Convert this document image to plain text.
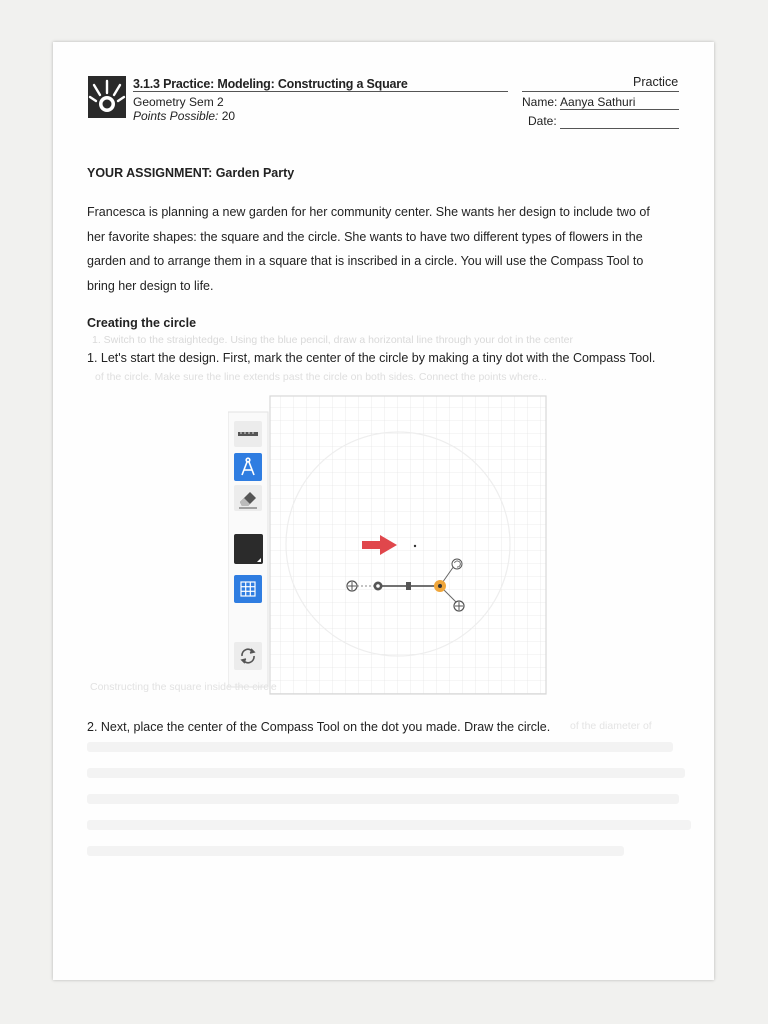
3.1.3 Practice: Modeling: Constructing a Square
Geometry Sem 2
Points Possible: 20
Practice
Name: Aanya Sathuri
Date:
YOUR ASSIGNMENT: Garden Party
Francesca is planning a new garden for her community center. She wants her design to include two of
her favorite shapes: the square and the circle. She wants to have two different types of flowers in the
garden and to arrange them in a square that is inscribed in a circle. You will use the Compass Tool to
bring her design to life.
Creating the circle
1. Switch to the straightedge. Using the blue pencil, draw a horizontal line through your dot in the center
1. Let's start the design. First, mark the center of the circle by making a tiny dot with the Compass Tool.
of the circle. Make sure the line extends past the circle on both sides. Connect the points where...
Constructing the square inside the circle
2. Next, place the center of the Compass Tool on the dot you made. Draw the circle. of the diameter of
